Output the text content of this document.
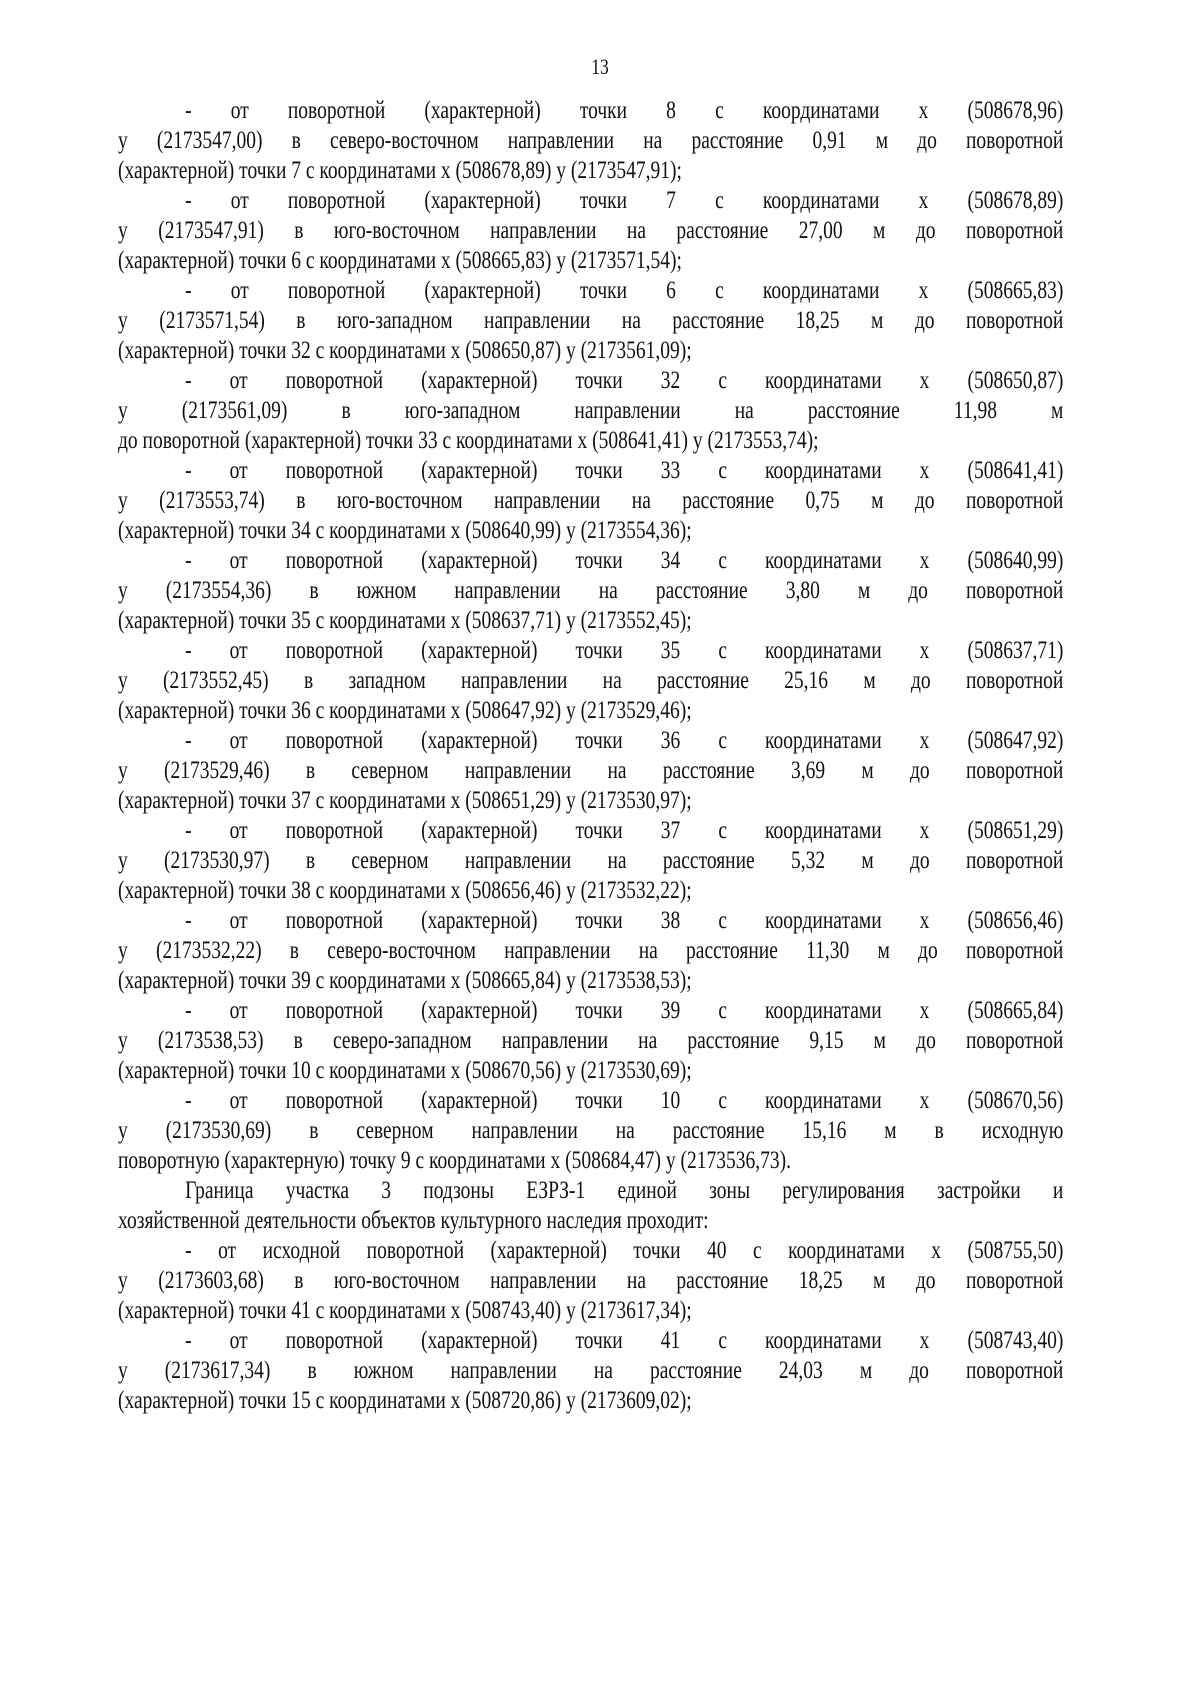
13
- от поворотной (характерной) точки 8 с координатами х (508678,96)
у (2173547,00) в северо-восточном направлении на расстояние 0,91 м до поворотной
(характерной) точки 7 с координатами х (508678,89) у (2173547,91);
- от поворотной (характерной) точки 7 с координатами х (508678,89)
у (2173547,91) в юго-восточном направлении на расстояние 27,00 м до поворотной
(характерной) точки 6 с координатами х (508665,83) у (2173571,54);
- от поворотной (характерной) точки 6 с координатами х (508665,83)
у (2173571,54) в юго-западном направлении на расстояние 18,25 м до поворотной
(характерной) точки 32 с координатами х (508650,87) у (2173561,09);
- от поворотной (характерной) точки 32 с координатами х (508650,87)
у (2173561,09) в юго-западном направлении на расстояние 11,98 м
до поворотной (характерной) точки 33 с координатами х (508641,41) у (2173553,74);
- от поворотной (характерной) точки 33 с координатами х (508641,41)
у (2173553,74) в юго-восточном направлении на расстояние 0,75 м до поворотной
(характерной) точки 34 с координатами х (508640,99) у (2173554,36);
- от поворотной (характерной) точки 34 с координатами х (508640,99)
у (2173554,36) в южном направлении на расстояние 3,80 м до поворотной
(характерной) точки 35 с координатами х (508637,71) у (2173552,45);
- от поворотной (характерной) точки 35 с координатами х (508637,71)
у (2173552,45) в западном направлении на расстояние 25,16 м до поворотной
(характерной) точки 36 с координатами х (508647,92) у (2173529,46);
- от поворотной (характерной) точки 36 с координатами х (508647,92)
у (2173529,46) в северном направлении на расстояние 3,69 м до поворотной
(характерной) точки 37 с координатами х (508651,29) у (2173530,97);
- от поворотной (характерной) точки 37 с координатами х (508651,29)
у (2173530,97) в северном направлении на расстояние 5,32 м до поворотной
(характерной) точки 38 с координатами х (508656,46) у (2173532,22);
- от поворотной (характерной) точки 38 с координатами х (508656,46)
у (2173532,22) в северо-восточном направлении на расстояние 11,30 м до поворотной
(характерной) точки 39 с координатами х (508665,84) у (2173538,53);
- от поворотной (характерной) точки 39 с координатами х (508665,84)
у (2173538,53) в северо-западном направлении на расстояние 9,15 м до поворотной
(характерной) точки 10 с координатами х (508670,56) у (2173530,69);
- от поворотной (характерной) точки 10 с координатами х (508670,56)
у (2173530,69) в северном направлении на расстояние 15,16 м в исходную
поворотную (характерную) точку 9 с координатами х (508684,47) у (2173536,73).
Граница участка 3 подзоны ЕЗРЗ-1 единой зоны регулирования застройки и
хозяйственной деятельности объектов культурного наследия проходит:
- от исходной поворотной (характерной) точки 40 с координатами х (508755,50)
у (2173603,68) в юго-восточном направлении на расстояние 18,25 м до поворотной
(характерной) точки 41 с координатами х (508743,40) у (2173617,34);
- от поворотной (характерной) точки 41 с координатами х (508743,40)
у (2173617,34) в южном направлении на расстояние 24,03 м до поворотной
(характерной) точки 15 с координатами х (508720,86) у (2173609,02);
